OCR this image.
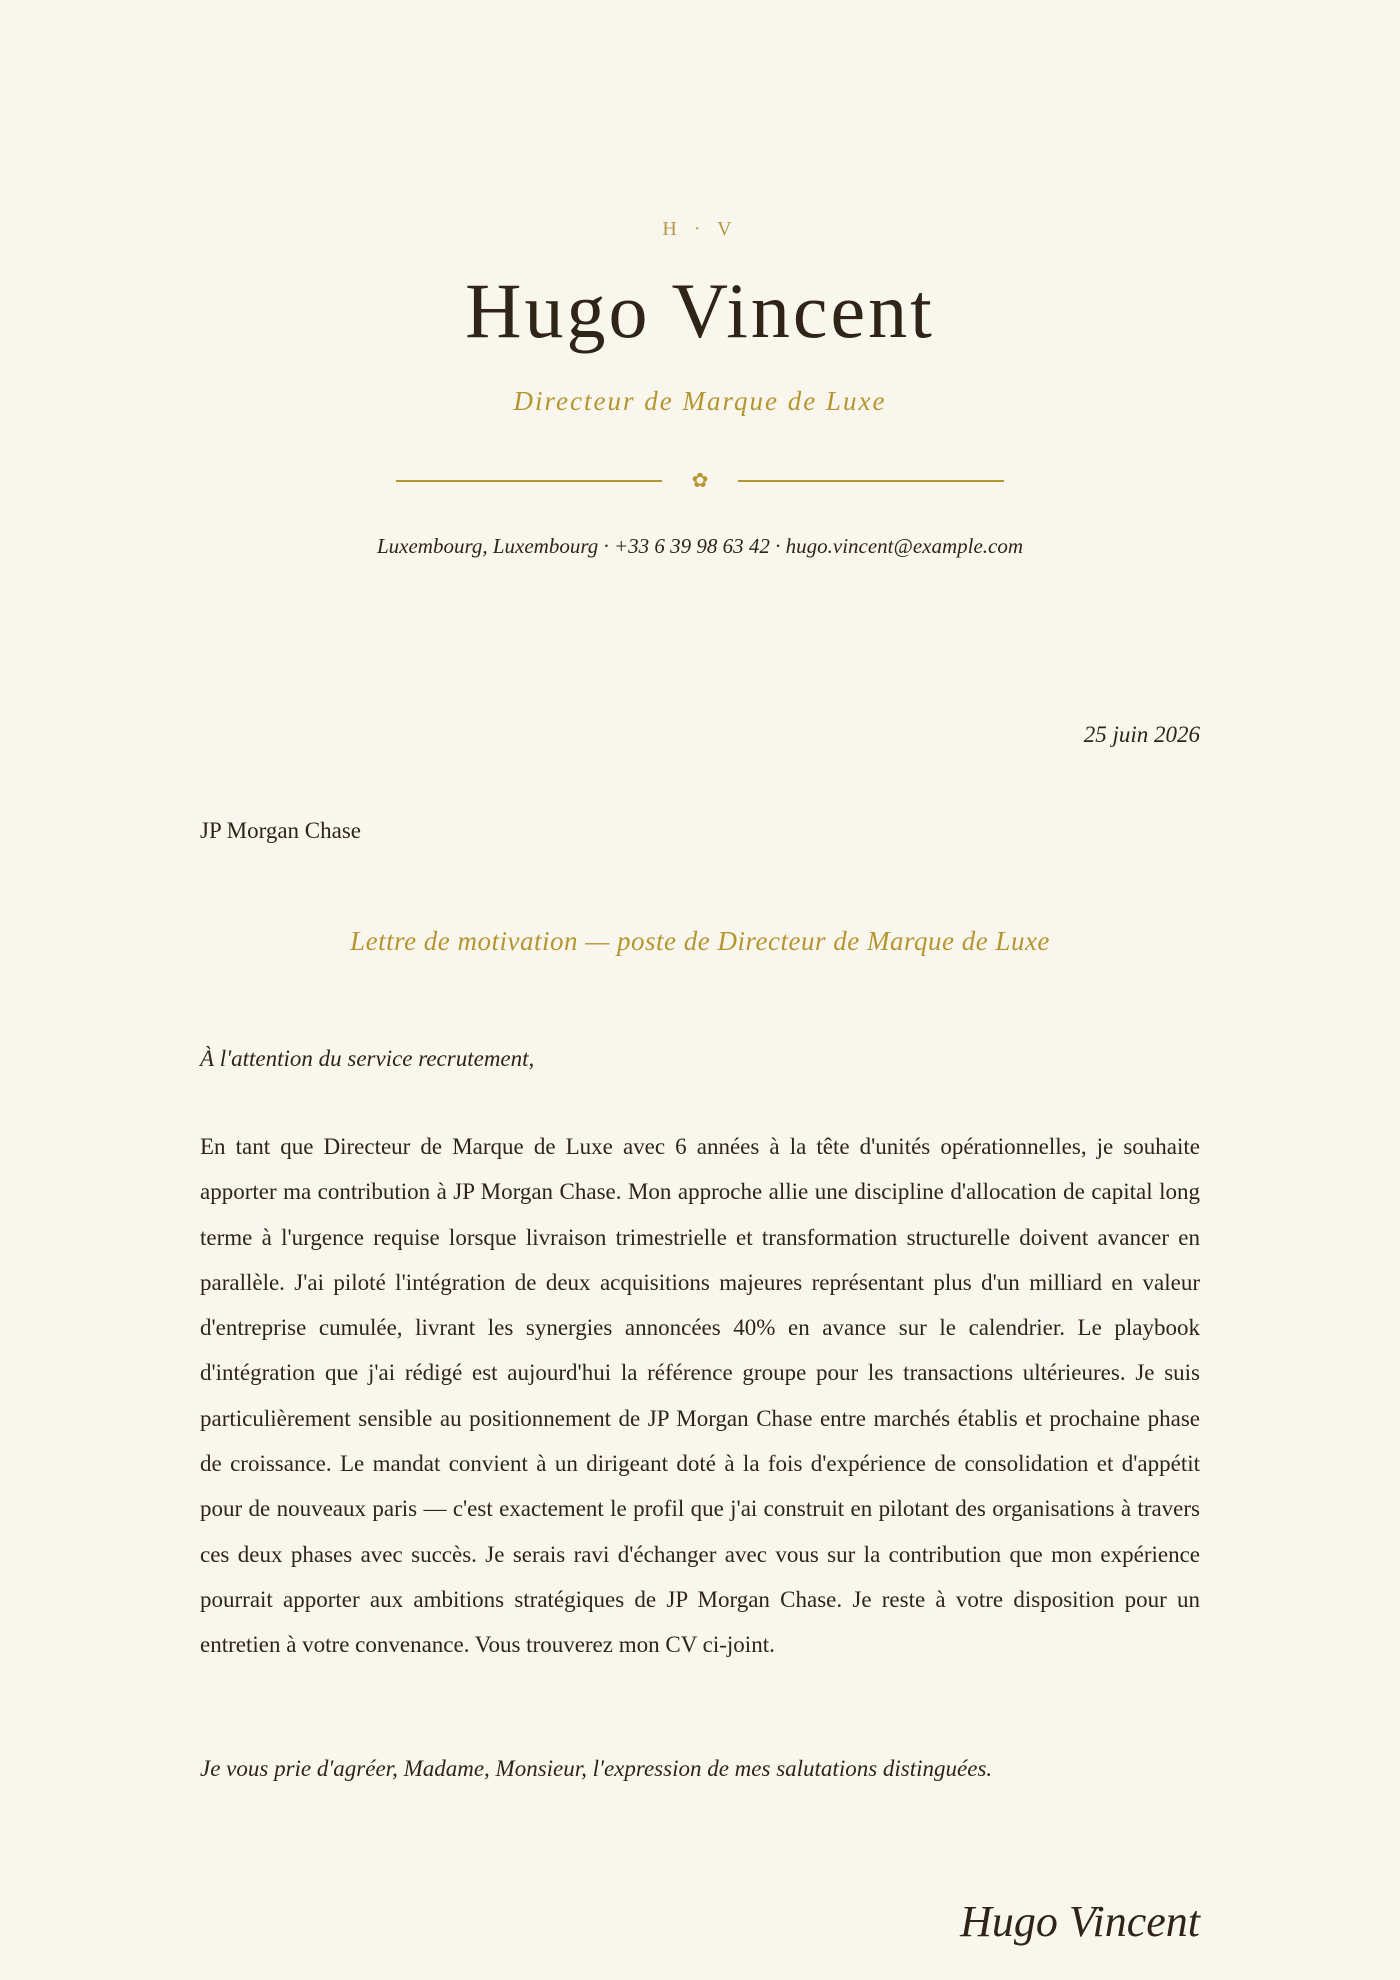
H · V
Hugo Vincent
Directeur de Marque de Luxe
✿
Luxembourg, Luxembourg · +33 6 39 98 63 42 · hugo.vincent@example.com
25 juin 2026
JP Morgan Chase
Lettre de motivation — poste de Directeur de Marque de Luxe
À l'attention du service recrutement,

En tant que Directeur de Marque de Luxe avec 6 années à la tête d'unités opérationnelles, je souhaite apporter ma contribution à JP Morgan Chase. Mon approche allie une discipline d'allocation de capital long terme à l'urgence requise lorsque livraison trimestrielle et transformation structurelle doivent avancer en parallèle. J'ai piloté l'intégration de deux acquisitions majeures représentant plus d'un milliard en valeur d'entreprise cumulée, livrant les synergies annoncées 40% en avance sur le calendrier. Le playbook d'intégration que j'ai rédigé est aujourd'hui la référence groupe pour les transactions ultérieures. Je suis particulièrement sensible au positionnement de JP Morgan Chase entre marchés établis et prochaine phase de croissance. Le mandat convient à un dirigeant doté à la fois d'expérience de consolidation et d'appétit pour de nouveaux paris — c'est exactement le profil que j'ai construit en pilotant des organisations à travers ces deux phases avec succès. Je serais ravi d'échanger avec vous sur la contribution que mon expérience pourrait apporter aux ambitions stratégiques de JP Morgan Chase. Je reste à votre disposition pour un entretien à votre convenance. Vous trouverez mon CV ci-joint.

Je vous prie d'agréer, Madame, Monsieur, l'expression de mes salutations distinguées.
Hugo Vincent
